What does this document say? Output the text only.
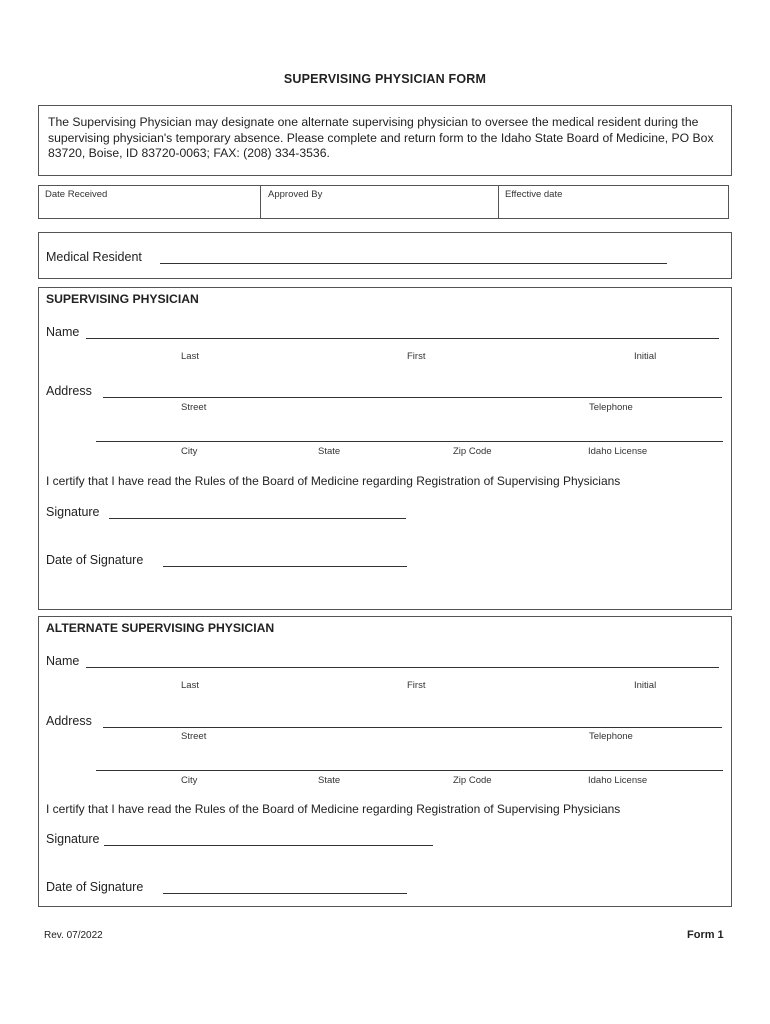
SUPERVISING PHYSICIAN FORM
The Supervising Physician may designate one alternate supervising physician to oversee the medical resident during the supervising physician's temporary absence. Please complete and return form to the Idaho State Board of Medicine, PO Box 83720, Boise, ID 83720-0063; FAX: (208) 334-3536.
Date Received	Approved By	Effective date
Medical Resident
SUPERVISING PHYSICIAN
Name
Last	First	Initial
Address
Street	Telephone
City	State	Zip Code	Idaho License
I certify that I have read the Rules of the Board of Medicine regarding Registration of Supervising Physicians
Signature
Date of Signature
ALTERNATE SUPERVISING PHYSICIAN
Name
Last	First	Initial
Address
Street	Telephone
City	State	Zip Code	Idaho License
I certify that I have read the Rules of the Board of Medicine regarding Registration of Supervising Physicians
Signature
Date of Signature
Rev. 07/2022	Form 1
